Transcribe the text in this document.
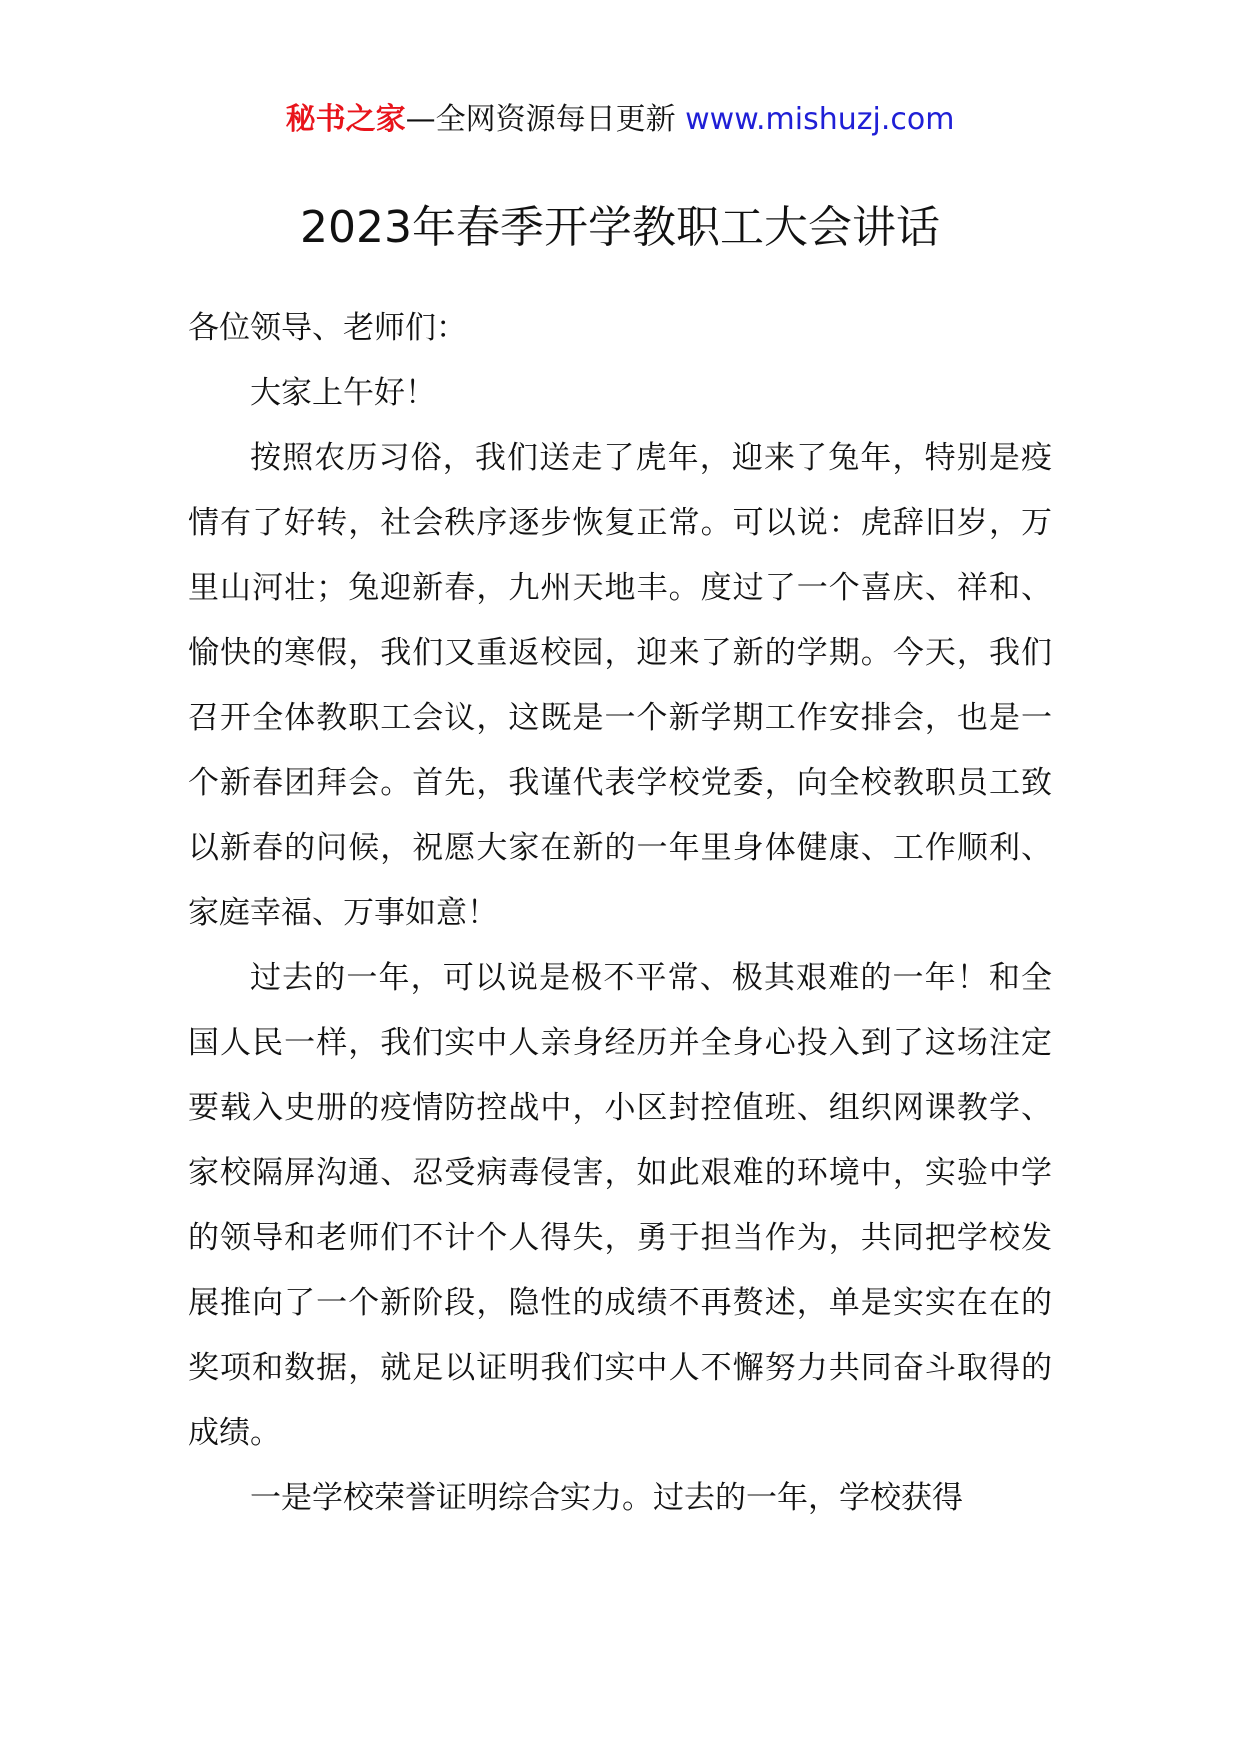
秘书之家—全网资源每日更新 www.mishuzj.com
2023年春季开学教职工大会讲话

各位领导、老师们：

大家上午好！

按照农历习俗，我们送走了虎年，迎来了兔年，特别是疫情有了好转，社会秩序逐步恢复正常。可以说：虎辞旧岁，万里山河壮；兔迎新春，九州天地丰。度过了一个喜庆、祥和、愉快的寒假，我们又重返校园，迎来了新的学期。今天，我们召开全体教职工会议，这既是一个新学期工作安排会，也是一个新春团拜会。首先，我谨代表学校党委，向全校教职员工致以新春的问候，祝愿大家在新的一年里身体健康、工作顺利、家庭幸福、万事如意！

过去的一年，可以说是极不平常、极其艰难的一年！和全国人民一样，我们实中人亲身经历并全身心投入到了这场注定要载入史册的疫情防控战中，小区封控值班、组织网课教学、家校隔屏沟通、忍受病毒侵害，如此艰难的环境中，实验中学的领导和老师们不计个人得失，勇于担当作为，共同把学校发展推向了一个新阶段，隐性的成绩不再赘述，单是实实在在的奖项和数据，就足以证明我们实中人不懈努力共同奋斗取得的成绩。

一是学校荣誉证明综合实力。过去的一年，学校获得
